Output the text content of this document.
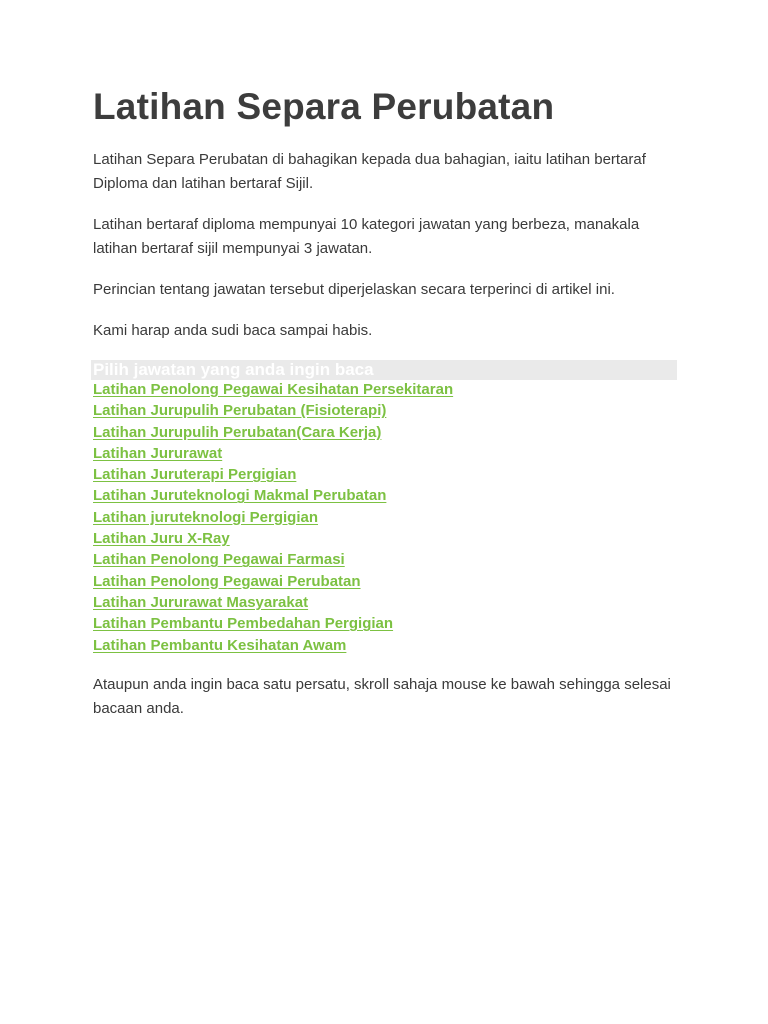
Latihan Separa Perubatan

Latihan Separa Perubatan di bahagikan kepada dua bahagian, iaitu latihan bertaraf Diploma dan latihan bertaraf Sijil.

Latihan bertaraf diploma mempunyai 10 kategori jawatan yang berbeza, manakala latihan bertaraf sijil mempunyai 3 jawatan.

Perincian tentang jawatan tersebut diperjelaskan secara terperinci di artikel ini.

Kami harap anda sudi baca sampai habis.

Pilih jawatan yang anda ingin baca
Latihan Penolong Pegawai Kesihatan Persekitaran
Latihan Jurupulih Perubatan (Fisioterapi)
Latihan Jurupulih Perubatan(Cara Kerja)
Latihan Jururawat
Latihan Juruterapi Pergigian
Latihan Juruteknologi Makmal Perubatan
Latihan juruteknologi Pergigian
Latihan Juru X-Ray
Latihan Penolong Pegawai Farmasi
Latihan Penolong Pegawai Perubatan
Latihan Jururawat Masyarakat
Latihan Pembantu Pembedahan Pergigian
Latihan Pembantu Kesihatan Awam

Ataupun anda ingin baca satu persatu, skroll sahaja mouse ke bawah sehingga selesai bacaan anda.
